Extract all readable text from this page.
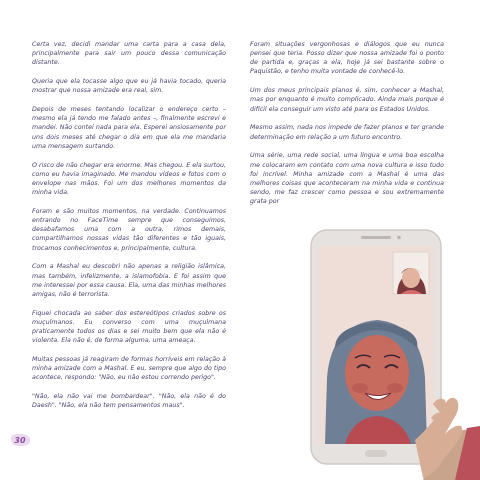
Certa vez, decidi mandar uma carta para a casa dela, principalmente para sair um pouco dessa comunicação distante.

Queria que ela tocasse algo que eu já havia tocado, queria mostrar que nossa amizade era real, sim.

Depois de meses tentando localizar o endereço certo – mesmo ela já tendo me falado antes –, finalmente escrevi e mandei. Não contei nada para ela. Esperei ansiosamente por uns dois meses até chegar o dia em que ela me mandaria uma mensagem surtando.

O risco de não chegar era enorme. Mas chegou. E ela surtou, como eu havia imaginado. Me mandou vídeos e fotos com o envelope nas mãos. Foi um dos melhores momentos da minha vida.

Foram e são muitos momentos, na verdade. Continuamos entrando no FaceTime sempre que conseguimos, desabafamos uma com a outra, rimos demais, compartilhamos nossas vidas tão diferentes e tão iguais, trocamos conhecimentos e, principalmente, cultura.

Com a Mashal eu descobri não apenas a religião islâmica, mas também, infelizmente, a islamofobia. E foi assim que me interessei por essa causa. Ela, uma das minhas melhores amigas, não é terrorista.

Fiquei chocada ao saber dos estereótipos criados sobre os muçulmanos. Eu converso com uma muçulmana praticamente todos os dias e sei muito bem que ela não é violenta. Ela não é, de forma alguma, uma ameaça.

Muitas pessoas já reagiram de formas horríveis em relação à minha amizade com a Mashal. E eu, sempre que algo do tipo acontece, respondo: "Não, eu não estou correndo perigo".

"Não, ela não vai me bombardear". "Não, ela não é do Daesh". "Não, ela não tem pensamentos maus".

Foram situações vergonhosas e diálogos que eu nunca pensei que teria. Posso dizer que nossa amizade foi o ponto de partida e, graças a ela, hoje já sei bastante sobre o Paquistão, e tenho muita vontade de conhecê-lo.

Um dos meus principais planos é, sim, conhecer a Mashal, mas por enquanto é muito complicado. Ainda mais porque é difícil ela conseguir um visto até para os Estados Unidos.

Mesmo assim, nada nos impede de fazer planos e ter grande determinação em relação a um futuro encontro.

Uma série, uma rede social, uma língua e uma boa escolha me colocaram em contato com uma nova cultura e isso tudo foi incrível. Minha amizade com a Mashal é uma das melhores coisas que aconteceram na minha vida e continua sendo, me faz crescer como pessoa e sou extremamente grata por

30
